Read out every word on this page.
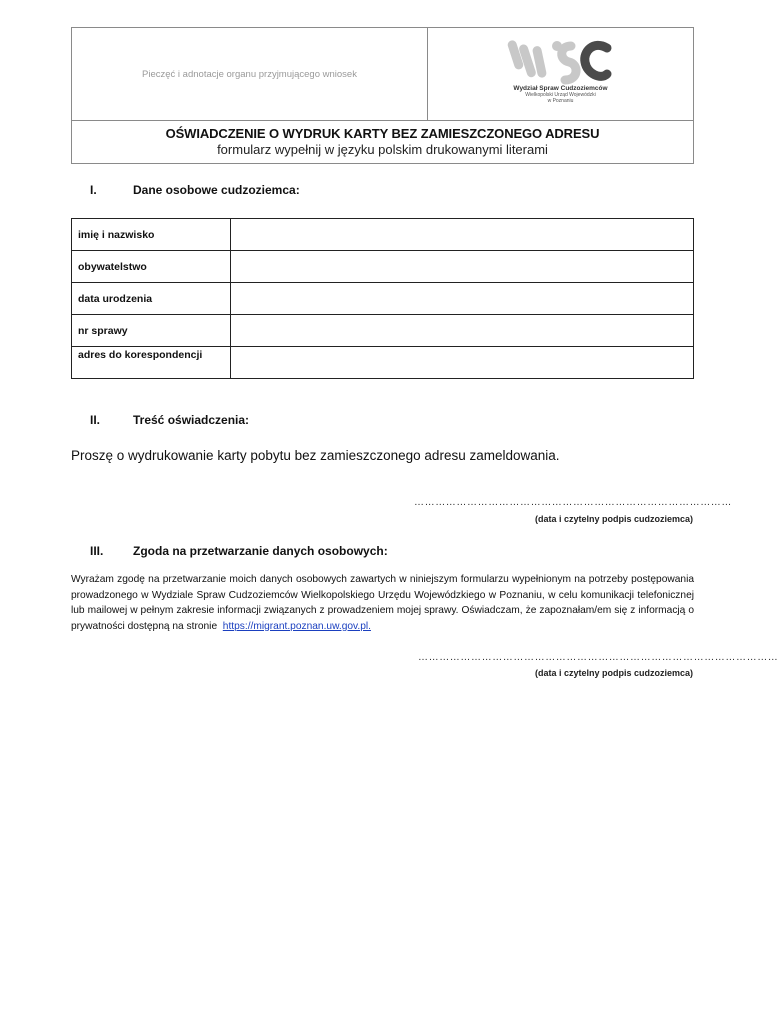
Pieczęć i adnotacje organu przyjmującego wniosek
Wydział Spraw Cudzoziemców
Wielkopolski Urząd Wojewódzki
w Poznaniu
OŚWIADCZENIE O WYDRUK KARTY BEZ ZAMIESZCZONEGO ADRESU
formularz wypełnij w języku polskim drukowanymi literami
I.	Dane osobowe cudzoziemca:
imię i nazwisko	
obywatelstwo	
data urodzenia	
nr sprawy	
adres do korespondencji	
II.	Treść oświadczenia:
Proszę o wydrukowanie karty pobytu bez zamieszczonego adresu zameldowania.
………………………………………………………………………………
(data i czytelny podpis cudzoziemca)
III. Zgoda na przetwarzanie danych osobowych:
Wyrażam zgodę na przetwarzanie moich danych osobowych zawartych w niniejszym formularzu wypełnionym na potrzeby postępowania prowadzonego w Wydziale Spraw Cudzoziemców Wielkopolskiego Urzędu Wojewódzkiego w Poznaniu, w celu komunikacji telefonicznej lub mailowej w pełnym zakresie informacji związanych z prowadzeniem mojej sprawy. Oświadczam, że zapoznałam/em się z informacją o prywatności dostępną na stronie https://migrant.poznan.uw.gov.pl.
…………………………………………………………………………………………
(data i czytelny podpis cudzoziemca)
